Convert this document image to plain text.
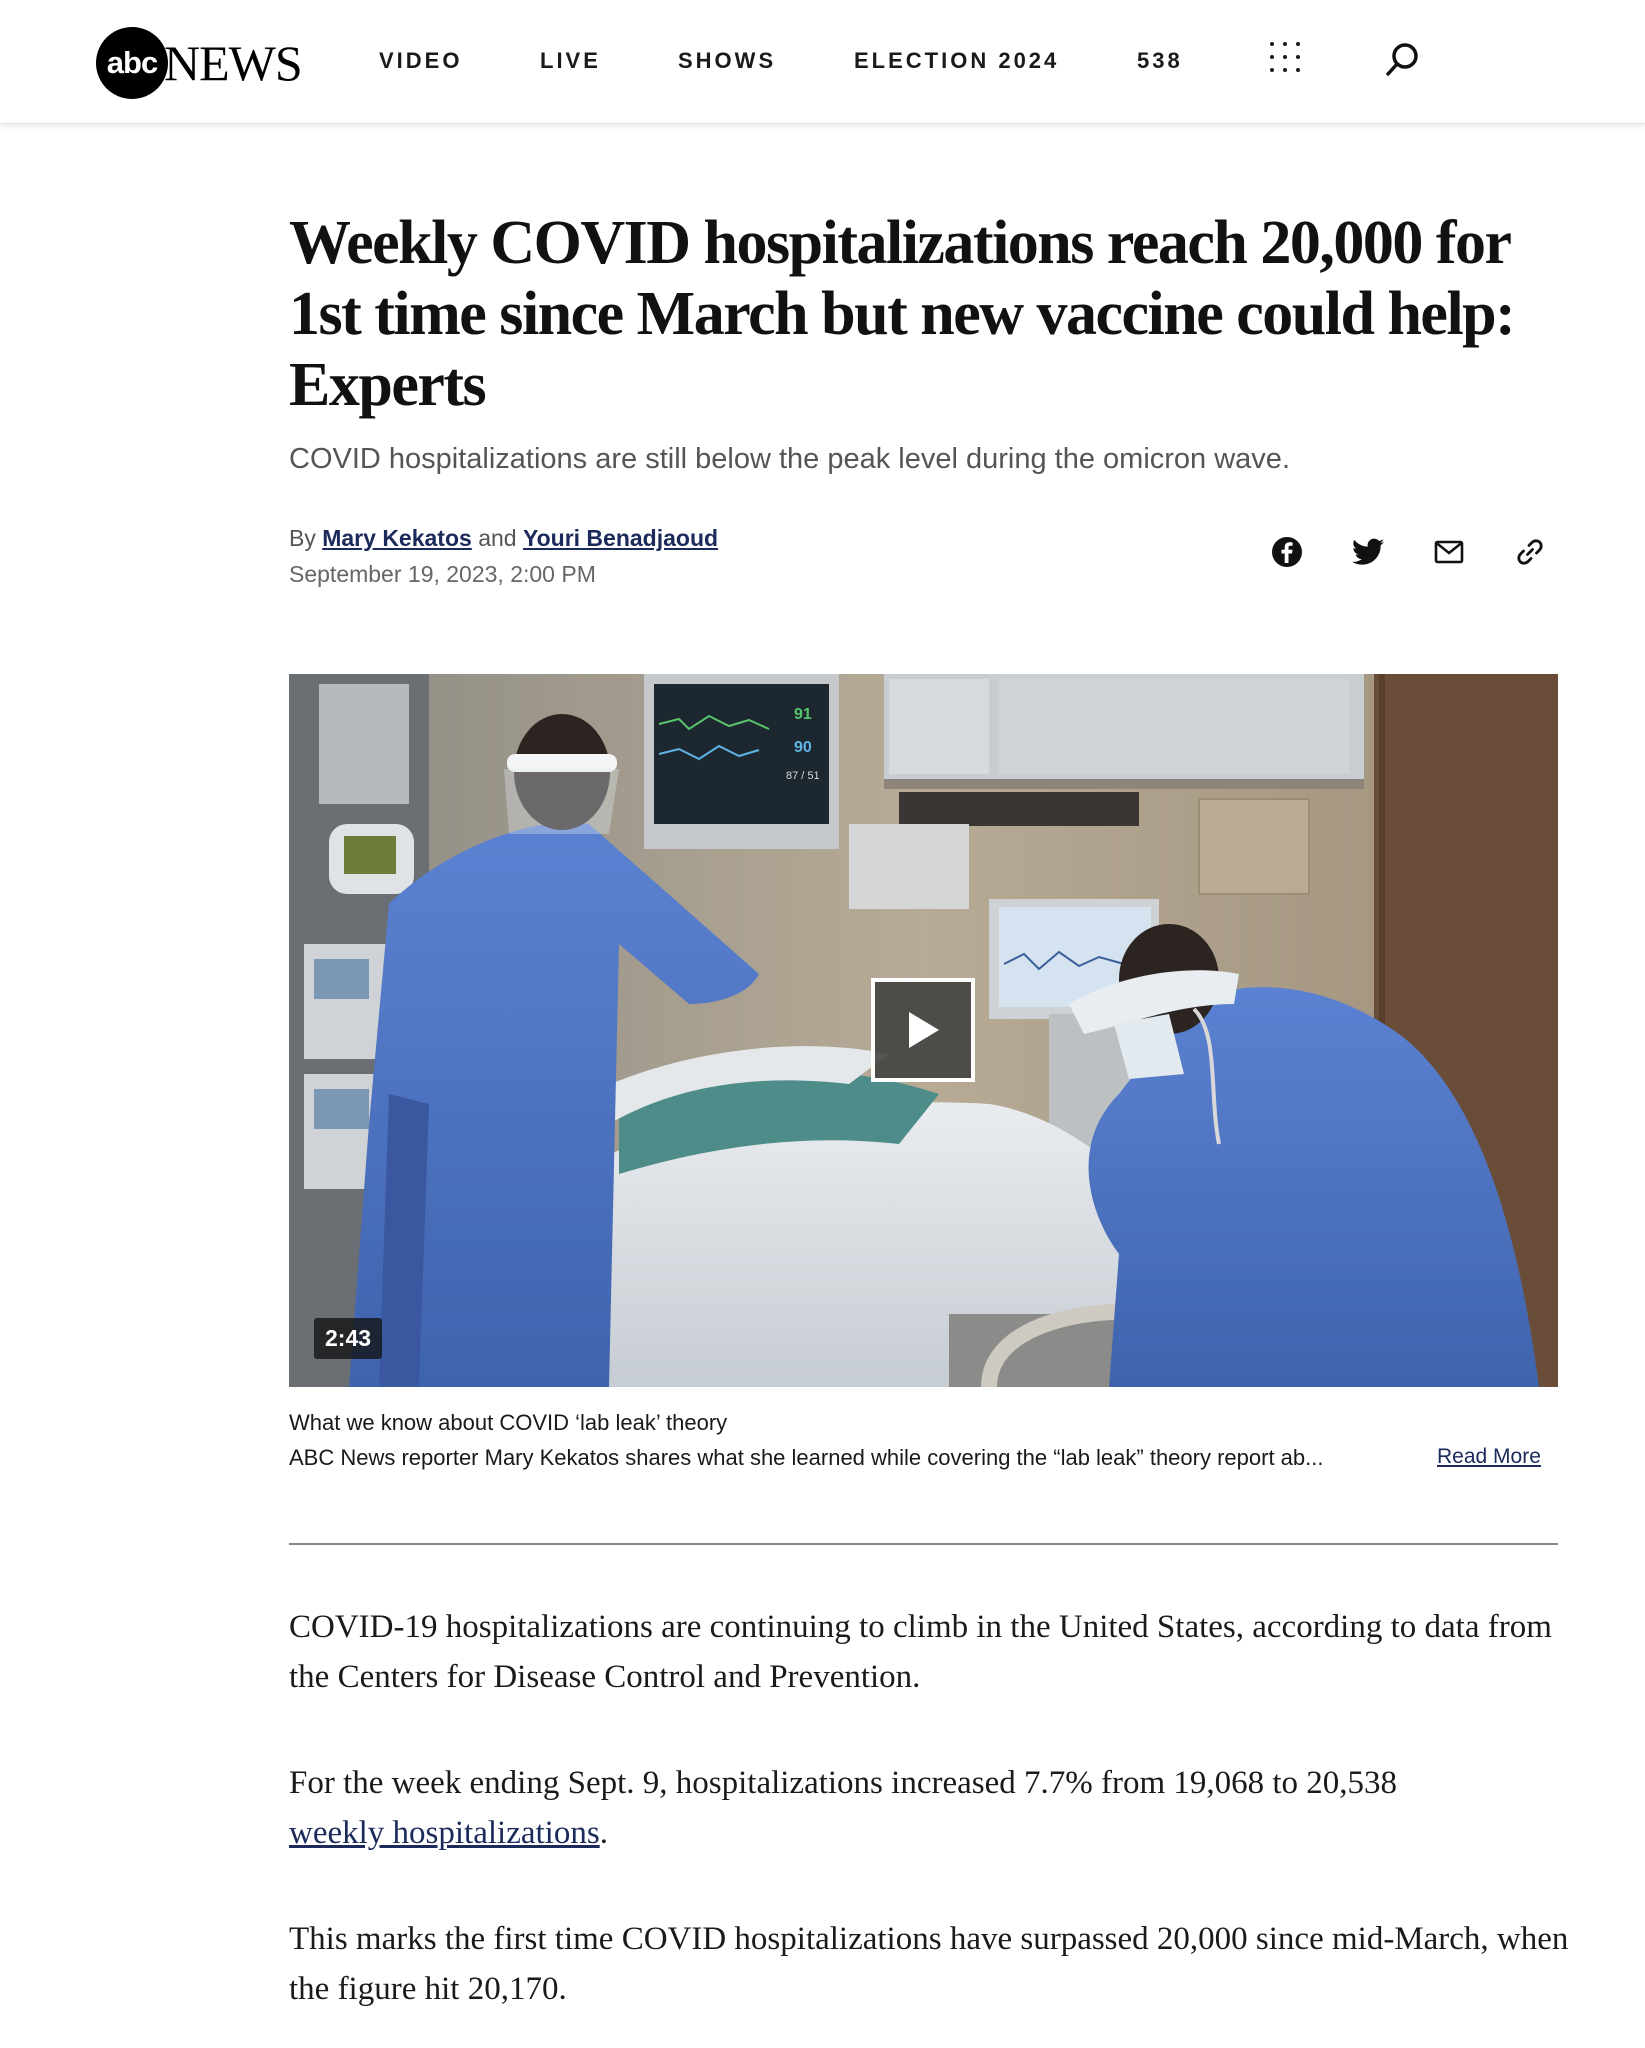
abc NEWS	VIDEO	LIVE	SHOWS	ELECTION 2024	538
Weekly COVID hospitalizations reach 20,000 for 1st time since March but new vaccine could help: Experts

COVID hospitalizations are still below the peak level during the omicron wave.

By Mary Kekatos and Youri Benadjaoud
September 19, 2023, 2:00 PM
91
90
87 / 51
2:43
What we know about COVID ‘lab leak’ theory
ABC News reporter Mary Kekatos shares what she learned while covering the “lab leak” theory report ab...	Read More

COVID-19 hospitalizations are continuing to climb in the United States, according to data from the Centers for Disease Control and Prevention.

For the week ending Sept. 9, hospitalizations increased 7.7% from 19,068 to 20,538
weekly hospitalizations.

This marks the first time COVID hospitalizations have surpassed 20,000 since mid-March, when the figure hit 20,170.
